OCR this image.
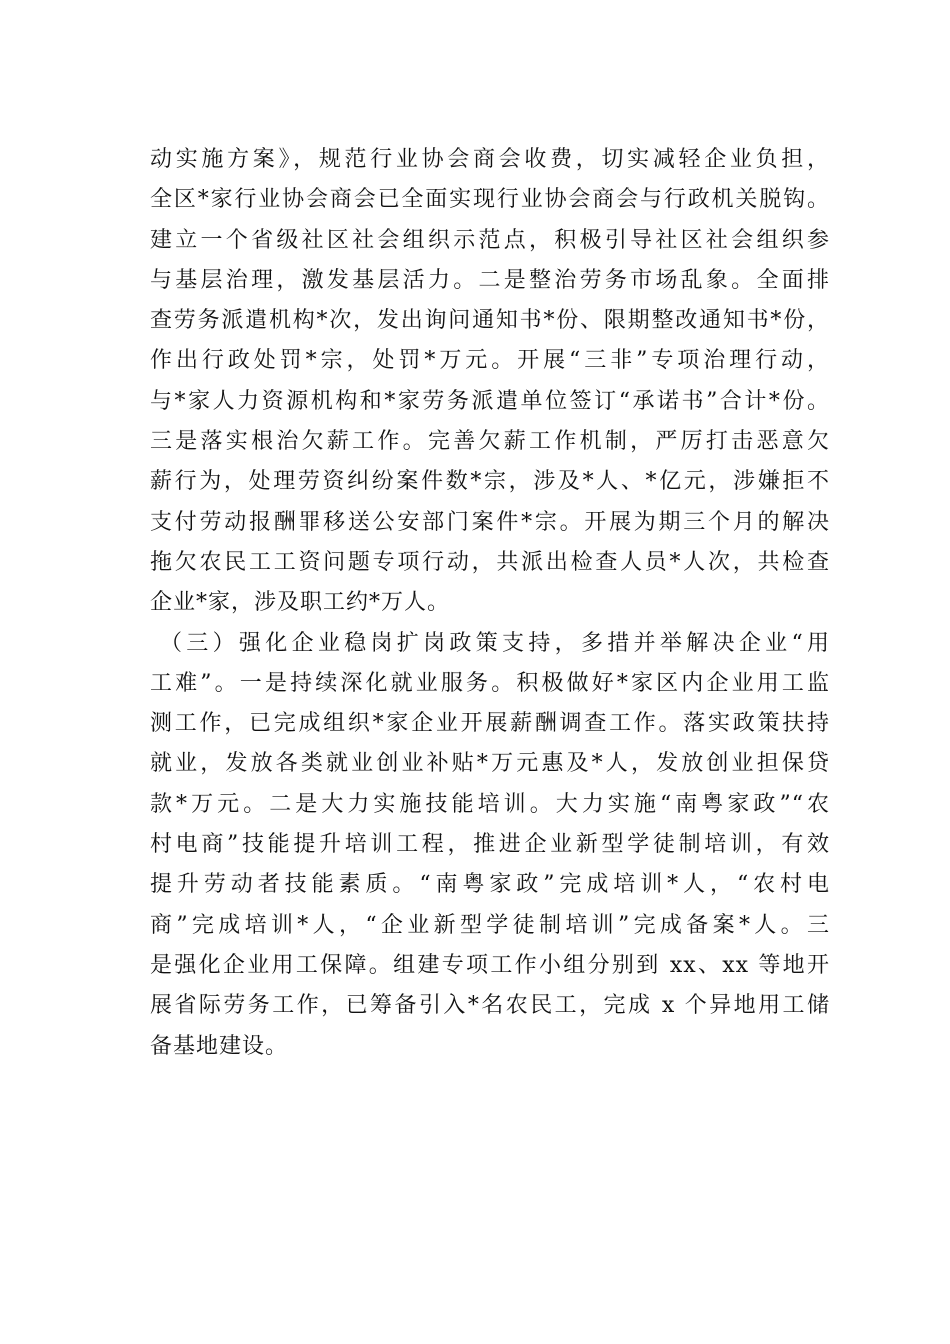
动实施方案》，规范行业协会商会收费，切实减轻企业负担，
全区*家行业协会商会已全面实现行业协会商会与行政机关脱钩。
建立一个省级社区社会组织示范点，积极引导社区社会组织参
与基层治理，激发基层活力。二是整治劳务市场乱象。全面排
查劳务派遣机构*次，发出询问通知书*份、限期整改通知书*份，
作出行政处罚*宗，处罚*万元。开展“三非”专项治理行动，
与*家人力资源机构和*家劳务派遣单位签订“承诺书”合计*份。
三是落实根治欠薪工作。完善欠薪工作机制，严厉打击恶意欠
薪行为，处理劳资纠纷案件数*宗，涉及*人、*亿元，涉嫌拒不
支付劳动报酬罪移送公安部门案件*宗。开展为期三个月的解决
拖欠农民工工资问题专项行动，共派出检查人员*人次，共检查
企业*家，涉及职工约*万人。
（三）强化企业稳岗扩岗政策支持，多措并举解决企业“用
工难”。一是持续深化就业服务。积极做好*家区内企业用工监
测工作，已完成组织*家企业开展薪酬调查工作。落实政策扶持
就业，发放各类就业创业补贴*万元惠及*人，发放创业担保贷
款*万元。二是大力实施技能培训。大力实施“南粤家政”“农
村电商”技能提升培训工程，推进企业新型学徒制培训，有效
提升劳动者技能素质。“南粤家政”完成培训*人，“农村电
商”完成培训*人，“企业新型学徒制培训”完成备案*人。三
是强化企业用工保障。组建专项工作小组分别到 xx、xx 等地开
展省际劳务工作，已筹备引入*名农民工，完成 x 个异地用工储
备基地建设。
